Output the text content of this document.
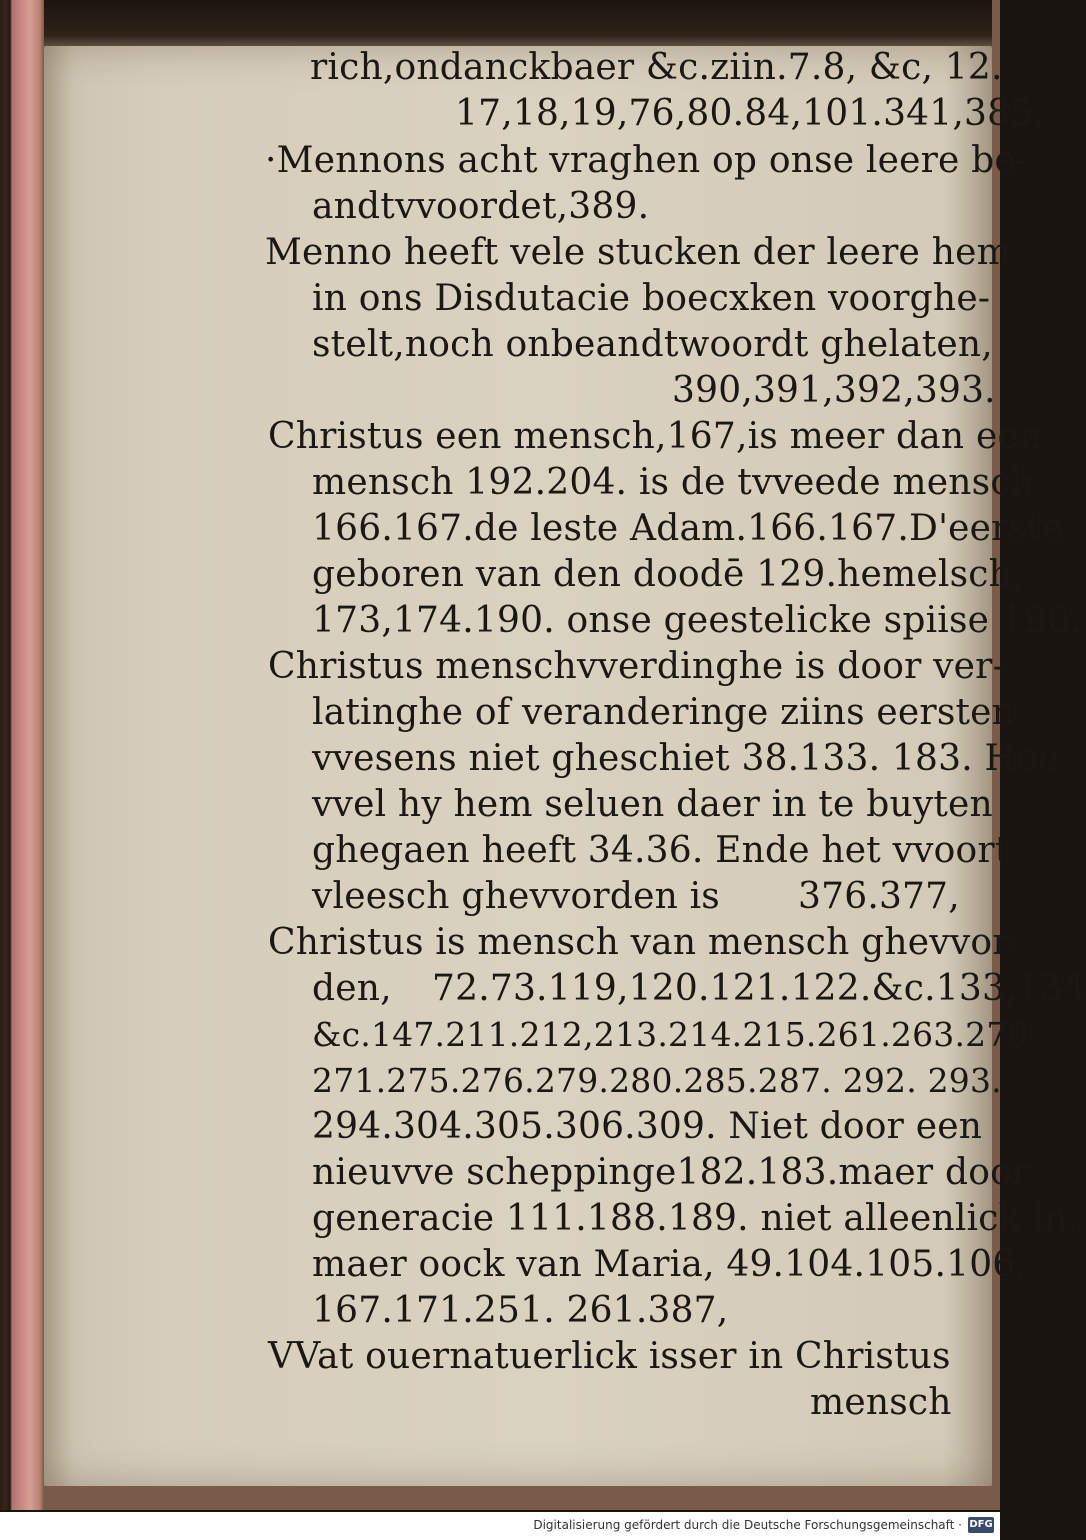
rich,ondanckbaer &c.ziin.7.8, &c, 12.
17,18,19,76,80.84,101.341,385,
·Mennons acht vraghen op onse leere be-
andtvvoordet,389.
Menno heeft vele stucken der leere hem
in ons Disdutacie boecxken voorghe-
stelt,noch onbeandtwoordt ghelaten,
390,391,392,393.
Christus een mensch,167,is meer dan een
mensch 192.204. is de tvveede mensch
166.167.de leste Adam.166.167.D'eerste
geboren van den doodē 129.hemelsch,
173,174.190. onse geestelicke spiise 190.
Christus menschvverdinghe is door ver-
latinghe of veranderinge ziins eersten
vvesens niet gheschiet 38.133. 183. Hoe
vvel hy hem seluen daer in te buyten
ghegaen heeft 34.36. Ende het vvoort
vleesch ghevvorden is 376.377,
Christus is mensch van mensch ghevvor-
den, 72.73.119,120.121.122.&c.133,134
&c.147.211.212,213.214.215.261.263.270
271.275.276.279.280.285.287. 292. 293.
294.304.305.306.309. Niet door een
nieuvve scheppinge182.183.maer door
generacie 111.188.189. niet alleenlick in,
maer oock van Maria, 49.104.105.106,
167.171.251. 261.387,
VVat ouernatuerlick isser in Christus
mensch
Digitalisierung gefördert durch die Deutsche Forschungsgemeinschaft · DFG
